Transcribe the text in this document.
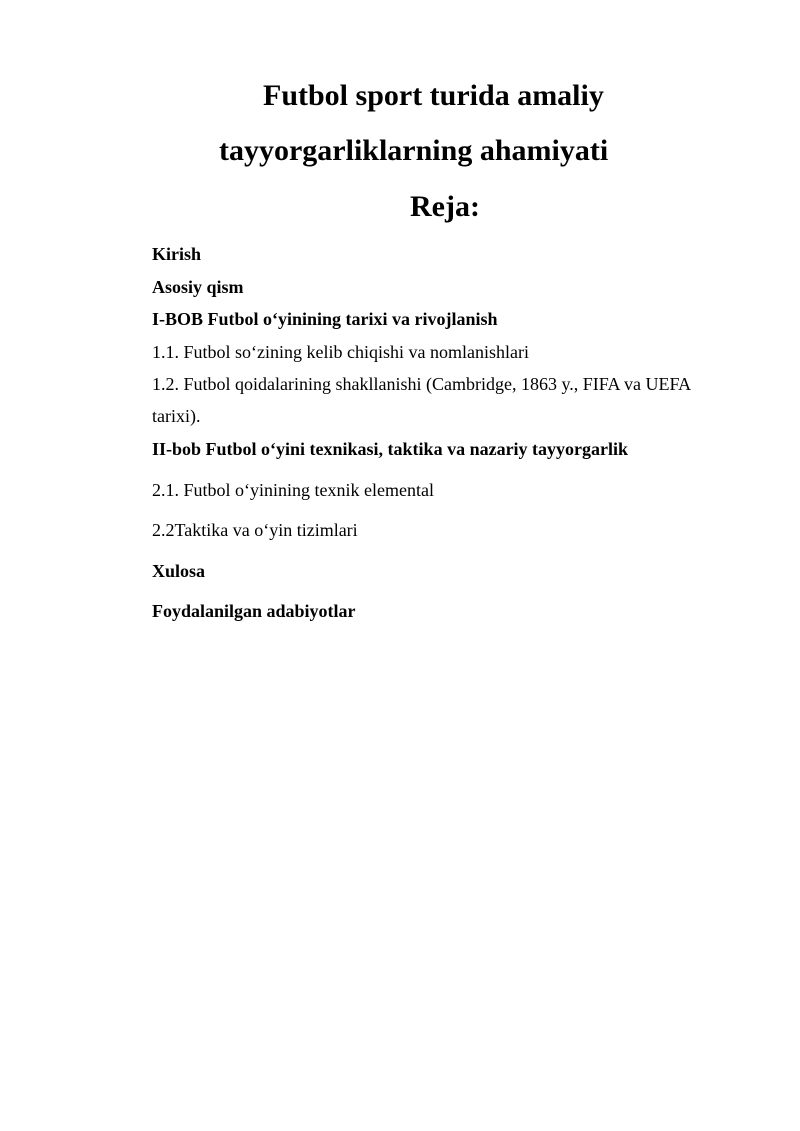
Futbol sport turida amaliy
tayyorgarliklarning ahamiyati
Reja:
Kirish
Asosiy qism
I-BOB Futbol o‘yinining tarixi va rivojlanish
1.1. Futbol so‘zining kelib chiqishi va nomlanishlari
1.2. Futbol qoidalarining shakllanishi (Cambridge, 1863 y., FIFA va UEFA
tarixi).
II-bob Futbol o‘yini texnikasi, taktika va nazariy tayyorgarlik
2.1. Futbol o‘yinining texnik elemental
2.2Taktika va o‘yin tizimlari
Xulosa
Foydalanilgan adabiyotlar
